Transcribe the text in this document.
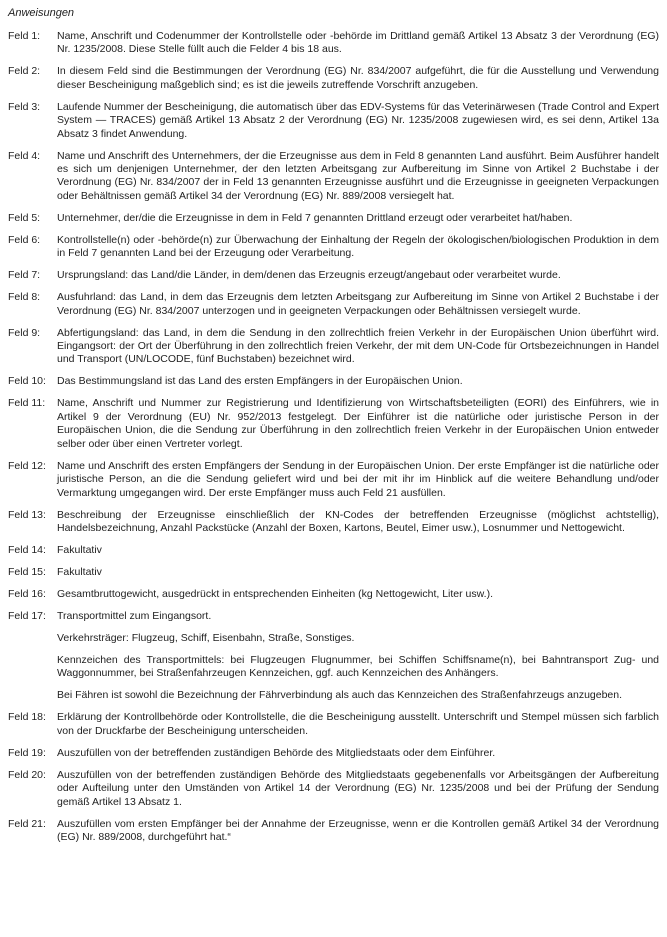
Anweisungen
Feld 1:	Name, Anschrift und Codenummer der Kontrollstelle oder -behörde im Drittland gemäß Artikel 13 Absatz 3 der Verordnung (EG) Nr. 1235/2008. Diese Stelle füllt auch die Felder 4 bis 18 aus.

Feld 2:	In diesem Feld sind die Bestimmungen der Verordnung (EG) Nr. 834/2007 aufgeführt, die für die Ausstellung und Verwendung dieser Bescheinigung maßgeblich sind; es ist die jeweils zutreffende Vorschrift anzugeben.

Feld 3:	Laufende Nummer der Bescheinigung, die automatisch über das EDV-Systems für das Veterinärwesen (Trade Control and Expert System — TRACES) gemäß Artikel 13 Absatz 2 der Verordnung (EG) Nr. 1235/2008 zugewiesen wird, es sei denn, Artikel 13a Absatz 3 findet Anwendung.

Feld 4:	Name und Anschrift des Unternehmers, der die Erzeugnisse aus dem in Feld 8 genannten Land ausführt. Beim Ausführer handelt es sich um denjenigen Unternehmer, der den letzten Arbeitsgang zur Aufbereitung im Sinne von Artikel 2 Buchstabe i der Verordnung (EG) Nr. 834/2007 der in Feld 13 genannten Erzeugnisse ausführt und die Erzeugnisse in geeigneten Verpackungen oder Behältnissen gemäß Artikel 34 der Verordnung (EG) Nr. 889/2008 versiegelt hat.

Feld 5:	Unternehmer, der/die die Erzeugnisse in dem in Feld 7 genannten Drittland erzeugt oder verarbeitet hat/haben.

Feld 6:	Kontrollstelle(n) oder -behörde(n) zur Überwachung der Einhaltung der Regeln der ökologischen/biologischen Produktion in dem in Feld 7 genannten Land bei der Erzeugung oder Verarbeitung.

Feld 7:	Ursprungsland: das Land/die Länder, in dem/denen das Erzeugnis erzeugt/angebaut oder verarbeitet wurde.

Feld 8:	Ausfuhrland: das Land, in dem das Erzeugnis dem letzten Arbeitsgang zur Aufbereitung im Sinne von Artikel 2 Buchstabe i der Verordnung (EG) Nr. 834/2007 unterzogen und in geeigneten Verpackungen oder Behältnissen versiegelt wurde.

Feld 9:	Abfertigungsland: das Land, in dem die Sendung in den zollrechtlich freien Verkehr in der Europäischen Union überführt wird. Eingangsort: der Ort der Überführung in den zollrechtlich freien Verkehr, der mit dem UN-Code für Ortsbezeichnungen in Handel und Transport (UN/LOCODE, fünf Buchstaben) bezeichnet wird.

Feld 10:	Das Bestimmungsland ist das Land des ersten Empfängers in der Europäischen Union.

Feld 11:	Name, Anschrift und Nummer zur Registrierung und Identifizierung von Wirtschaftsbeteiligten (EORI) des Einführers, wie in Artikel 9 der Verordnung (EU) Nr. 952/2013 festgelegt. Der Einführer ist die natürliche oder juristische Person in der Europäischen Union, die die Sendung zur Überführung in den zollrechtlich freien Verkehr in der Europäischen Union entweder selber oder über einen Vertreter vorlegt.

Feld 12:	Name und Anschrift des ersten Empfängers der Sendung in der Europäischen Union. Der erste Empfänger ist die natürliche oder juristische Person, an die die Sendung geliefert wird und bei der mit ihr im Hinblick auf die weitere Behandlung und/oder Vermarktung umgegangen wird. Der erste Empfänger muss auch Feld 21 ausfüllen.

Feld 13:	Beschreibung der Erzeugnisse einschließlich der KN-Codes der betreffenden Erzeugnisse (möglichst achtstellig), Handelsbezeichnung, Anzahl Packstücke (Anzahl der Boxen, Kartons, Beutel, Eimer usw.), Losnummer und Nettogewicht.

Feld 14:	Fakultativ

Feld 15:	Fakultativ

Feld 16:	Gesamtbruttogewicht, ausgedrückt in entsprechenden Einheiten (kg Nettogewicht, Liter usw.).

Feld 17:	Transportmittel zum Eingangsort.

Verkehrsträger: Flugzeug, Schiff, Eisenbahn, Straße, Sonstiges.

Kennzeichen des Transportmittels: bei Flugzeugen Flugnummer, bei Schiffen Schiffsname(n), bei Bahntransport Zug- und Waggonnummer, bei Straßenfahrzeugen Kennzeichen, ggf. auch Kennzeichen des Anhängers.

Bei Fähren ist sowohl die Bezeichnung der Fährverbindung als auch das Kennzeichen des Straßenfahrzeugs anzugeben.

Feld 18:	Erklärung der Kontrollbehörde oder Kontrollstelle, die die Bescheinigung ausstellt. Unterschrift und Stempel müssen sich farblich von der Druckfarbe der Bescheinigung unterscheiden.

Feld 19:	Auszufüllen von der betreffenden zuständigen Behörde des Mitgliedstaats oder dem Einführer.

Feld 20:	Auszufüllen von der betreffenden zuständigen Behörde des Mitgliedstaats gegebenenfalls vor Arbeitsgängen der Aufbereitung oder Aufteilung unter den Umständen von Artikel 14 der Verordnung (EG) Nr. 1235/2008 und bei der Prüfung der Sendung gemäß Artikel 13 Absatz 1.

Feld 21:	Auszufüllen vom ersten Empfänger bei der Annahme der Erzeugnisse, wenn er die Kontrollen gemäß Artikel 34 der Verordnung (EG) Nr. 889/2008, durchgeführt hat.“
